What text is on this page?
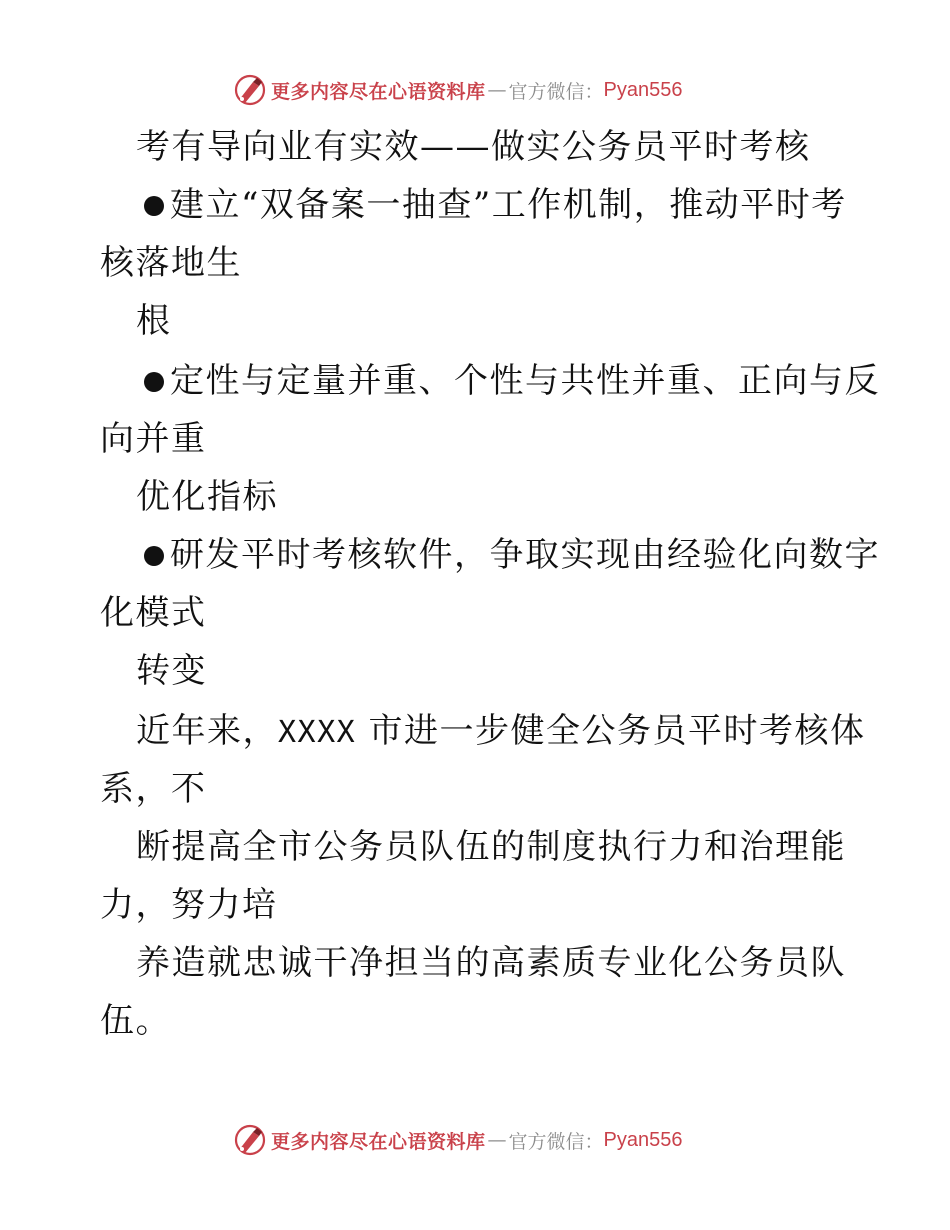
更多内容尽在心语资料库 — 官方微信： Pyan556
考有导向业有实效——做实公务员平时考核
建立“双备案一抽查”工作机制，推动平时考
核落地生
根
定性与定量并重、个性与共性并重、正向与反
向并重
优化指标
研发平时考核软件，争取实现由经验化向数字
化模式
转变
近年来，XXXX 市进一步健全公务员平时考核体
系，不
断提高全市公务员队伍的制度执行力和治理能
力，努力培
养造就忠诚干净担当的高素质专业化公务员队
伍。
更多内容尽在心语资料库 — 官方微信： Pyan556
